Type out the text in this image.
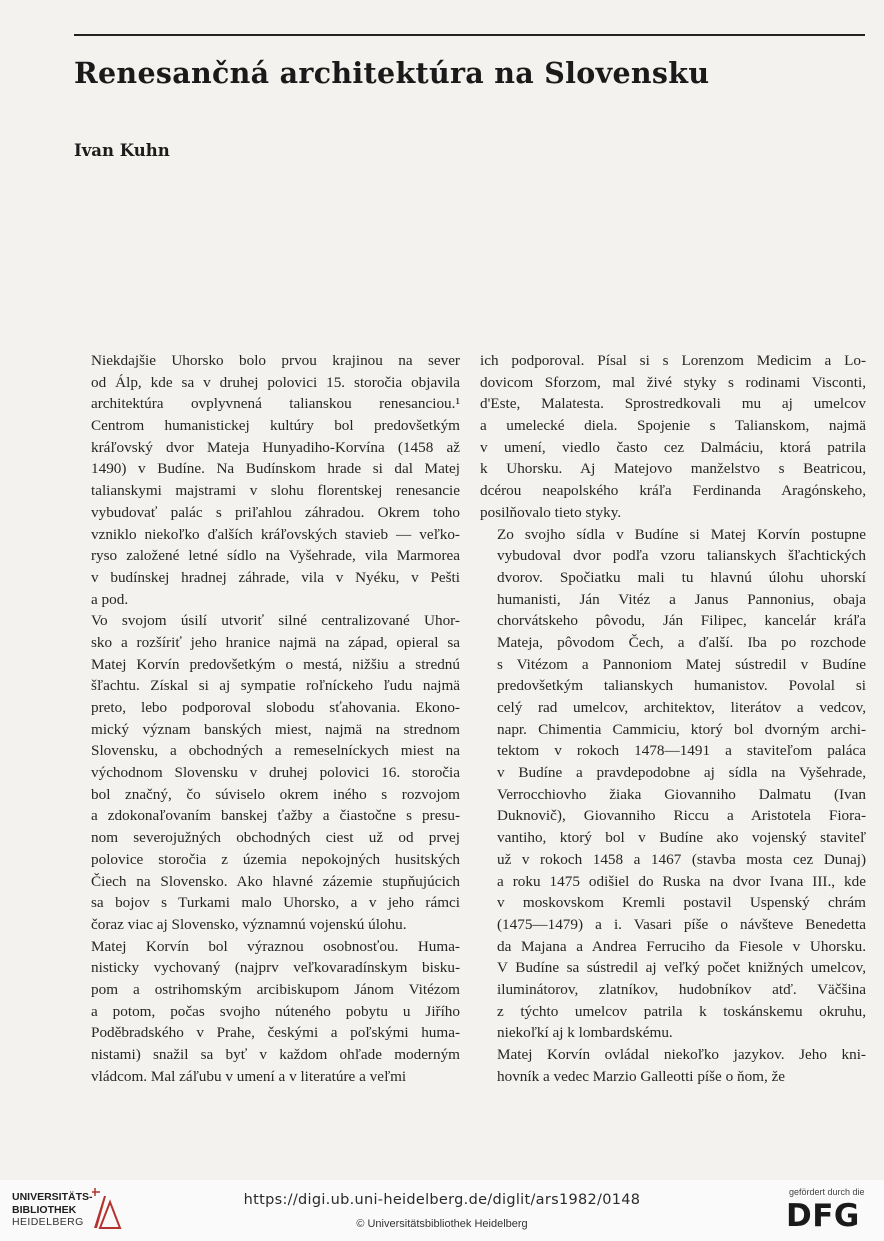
Renesančná architektúra na Slovensku
Ivan Kuhn

Niekdajšie Uhorsko bolo prvou krajinou na sever
od Álp, kde sa v druhej polovici 15. storočia objavila
architektúra ovplyvnená talianskou renesanciou.¹
Centrom humanistickej kultúry bol predovšetkým
kráľovský dvor Mateja Hunyadiho-Korvína (1458 až
1490) v Budíne. Na Budínskom hrade si dal Matej
talianskymi majstrami v slohu florentskej renesancie
vybudovať palác s priľahlou záhradou. Okrem toho
vzniklo niekoľko ďalších kráľovských stavieb — veľko-
ryso založené letné sídlo na Vyšehrade, vila Marmorea
v budínskej hradnej záhrade, vila v Nyéku, v Pešti
a pod.

Vo svojom úsilí utvoriť silné centralizované Uhor-
sko a rozšíriť jeho hranice najmä na západ, opieral sa
Matej Korvín predovšetkým o mestá, nižšiu a strednú
šľachtu. Získal si aj sympatie roľníckeho ľudu najmä
preto, lebo podporoval slobodu sťahovania. Ekono-
mický význam banských miest, najmä na strednom
Slovensku, a obchodných a remeselníckych miest na
východnom Slovensku v druhej polovici 16. storočia
bol značný, čo súviselo okrem iného s rozvojom
a zdokonaľovaním banskej ťažby a čiastočne s presu-
nom severojužných obchodných ciest už od prvej
polovice storočia z územia nepokojných husitských
Čiech na Slovensko. Ako hlavné zázemie stupňujúcich
sa bojov s Turkami malo Uhorsko, a v jeho rámci
čoraz viac aj Slovensko, významnú vojenskú úlohu.

Matej Korvín bol výraznou osobnosťou. Huma-
nisticky vychovaný (najprv veľkovaradínskym bisku-
pom a ostrihomským arcibiskupom Jánom Vitézom
a potom, počas svojho núteného pobytu u Jiřího
Poděbradského v Prahe, českými a poľskými huma-
nistami) snažil sa byť v každom ohľade moderným
vládcom. Mal záľubu v umení a v literatúre a veľmi

ich podporoval. Písal si s Lorenzom Medicim a Lo-
dovicom Sforzom, mal živé styky s rodinami Visconti,
d'Este, Malatesta. Sprostredkovali mu aj umelcov
a umelecké diela. Spojenie s Talianskom, najmä
v umení, viedlo často cez Dalmáciu, ktorá patrila
k Uhorsku. Aj Matejovo manželstvo s Beatricou,
dcérou neapolského kráľa Ferdinanda Aragónskeho,
posilňovalo tieto styky.

Zo svojho sídla v Budíne si Matej Korvín postupne
vybudoval dvor podľa vzoru talianskych šľachtických
dvorov. Spočiatku mali tu hlavnú úlohu uhorskí
humanisti, Ján Vitéz a Janus Pannonius, obaja
chorvátskeho pôvodu, Ján Filipec, kancelár kráľa
Mateja, pôvodom Čech, a ďalší. Iba po rozchode
s Vitézom a Pannoniom Matej sústredil v Budíne
predovšetkým talianskych humanistov. Povolal si
celý rad umelcov, architektov, literátov a vedcov,
napr. Chimentia Cammiciu, ktorý bol dvorným archi-
tektom v rokoch 1478—1491 a staviteľom paláca
v Budíne a pravdepodobne aj sídla na Vyšehrade,
Verrocchiovho žiaka Giovanniho Dalmatu (Ivan
Duknovič), Giovanniho Riccu a Aristotela Fiora-
vantiho, ktorý bol v Budíne ako vojenský staviteľ
už v rokoch 1458 a 1467 (stavba mosta cez Dunaj)
a roku 1475 odišiel do Ruska na dvor Ivana III., kde
v moskovskom Kremli postavil Uspenský chrám
(1475—1479) a i. Vasari píše o návšteve Benedetta
da Majana a Andrea Ferruciho da Fiesole v Uhorsku.
V Budíne sa sústredil aj veľký počet knižných umelcov,
iluminátorov, zlatníkov, hudobníkov atď. Väčšina
z týchto umelcov patrila k toskánskemu okruhu,
niekoľkí aj k lombardskému.

Matej Korvín ovládal niekoľko jazykov. Jeho kni-
hovník a vedec Marzio Galleotti píše o ňom, že

UNIVERSITÄTS-
BIBLIOTHEK
HEIDELBERG
https://digi.ub.uni-heidelberg.de/diglit/ars1982/0148
© Universitätsbibliothek Heidelberg
gefördert durch die
DFG
